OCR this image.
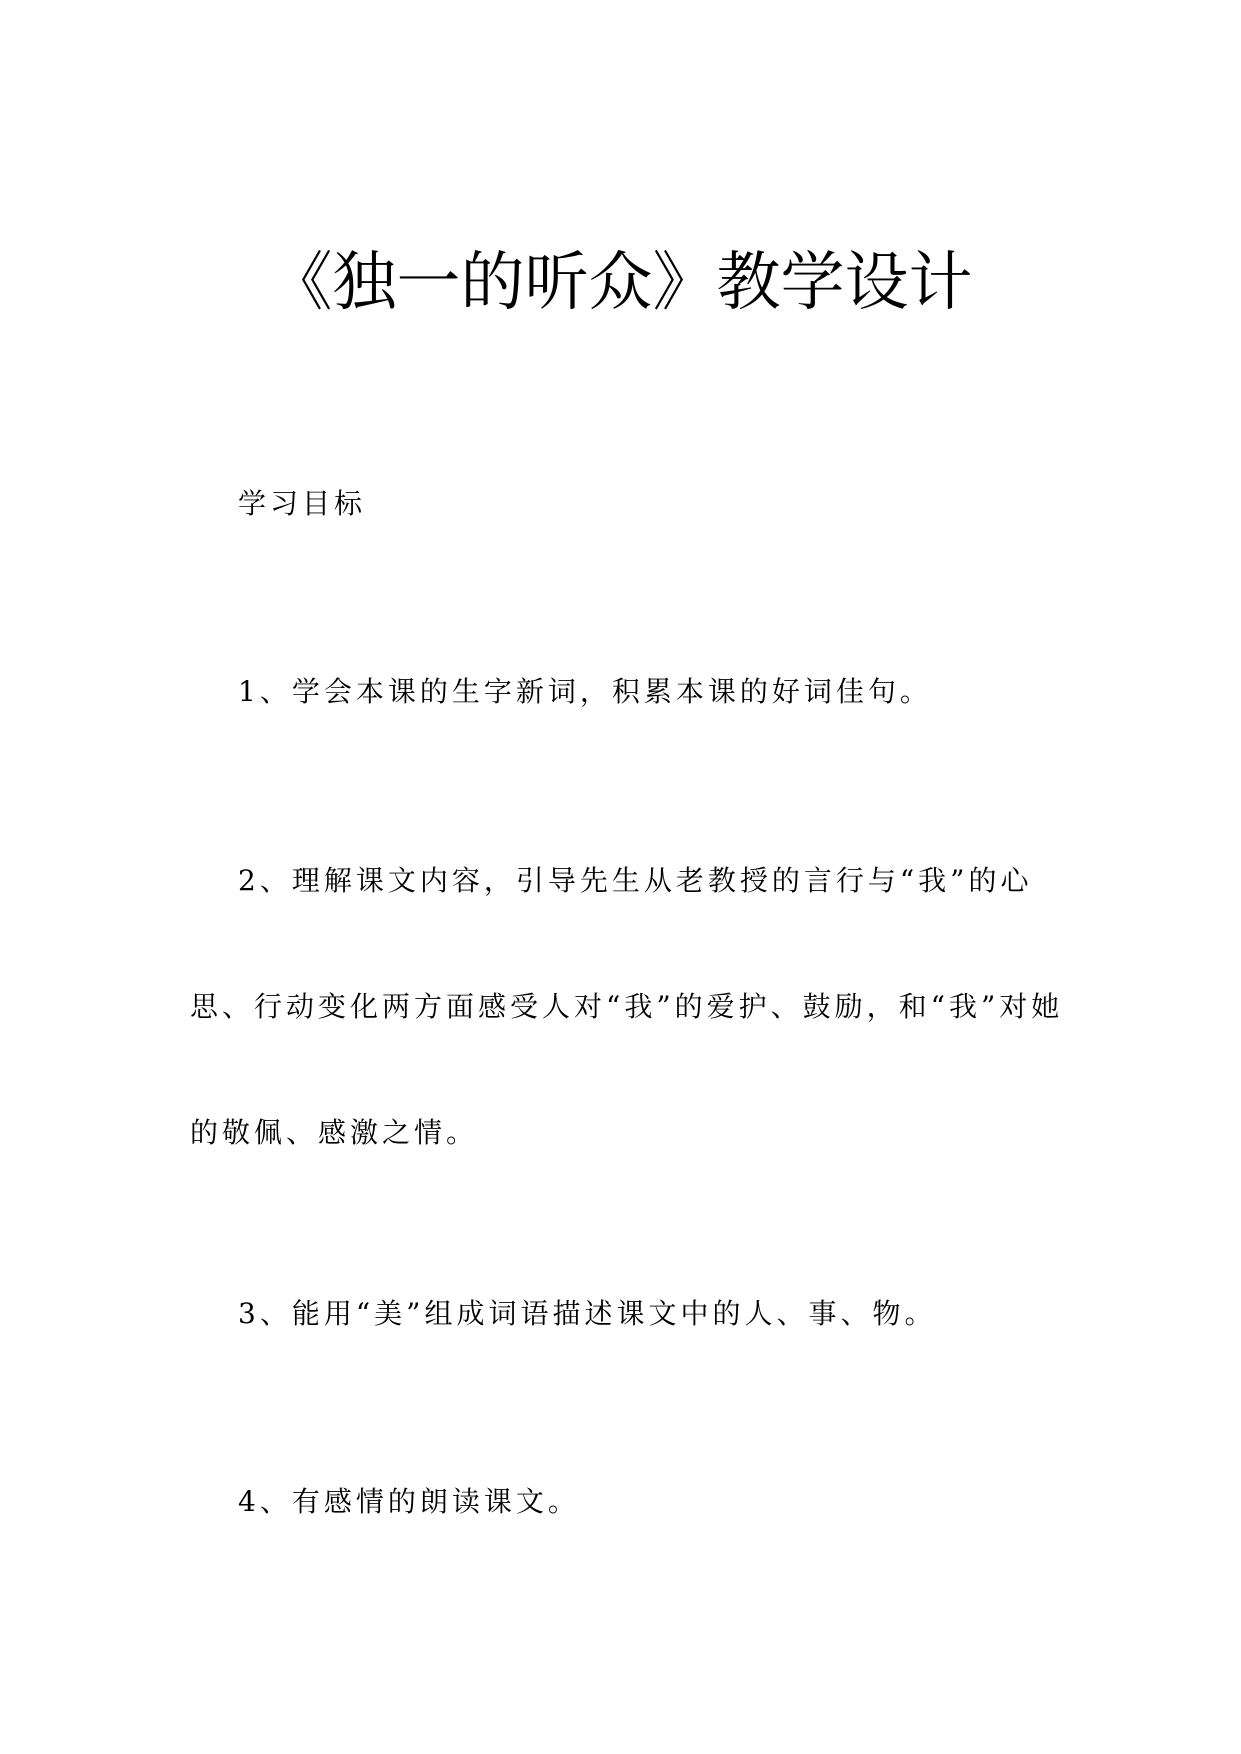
《独一的听众》教学设计

学习目标

1、学会本课的生字新词，积累本课的好词佳句。

2、理解课文内容，引导先生从老教授的言行与“我”的心思、行动变化两方面感受人对“我”的爱护、鼓励，和“我”对她的敬佩、感激之情。

3、能用“美”组成词语描述课文中的人、事、物。

4、有感情的朗读课文。
